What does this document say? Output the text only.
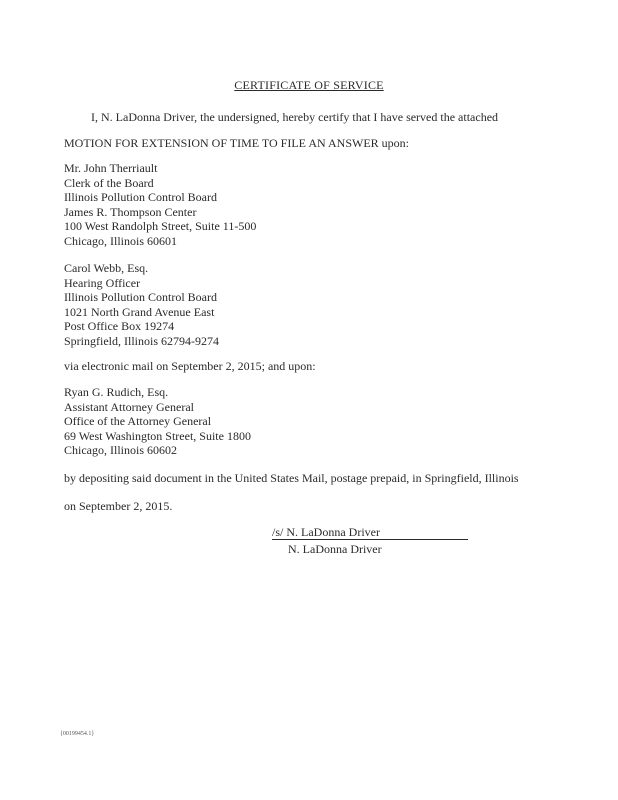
CERTIFICATE OF SERVICE
I, N. LaDonna Driver, the undersigned, hereby certify that I have served the attached
MOTION FOR EXTENSION OF TIME TO FILE AN ANSWER upon:
Mr. John Therriault
Clerk of the Board
Illinois Pollution Control Board
James R. Thompson Center
100 West Randolph Street, Suite 11-500
Chicago, Illinois 60601
Carol Webb, Esq.
Hearing Officer
Illinois Pollution Control Board
1021 North Grand Avenue East
Post Office Box 19274
Springfield, Illinois 62794-9274
via electronic mail on September 2, 2015; and upon:
Ryan G. Rudich, Esq.
Assistant Attorney General
Office of the Attorney General
69 West Washington Street, Suite 1800
Chicago, Illinois 60602
by depositing said document in the United States Mail, postage prepaid, in Springfield, Illinois
on September 2, 2015.
/s/ N. LaDonna Driver
N. LaDonna Driver
{00199454.1}
